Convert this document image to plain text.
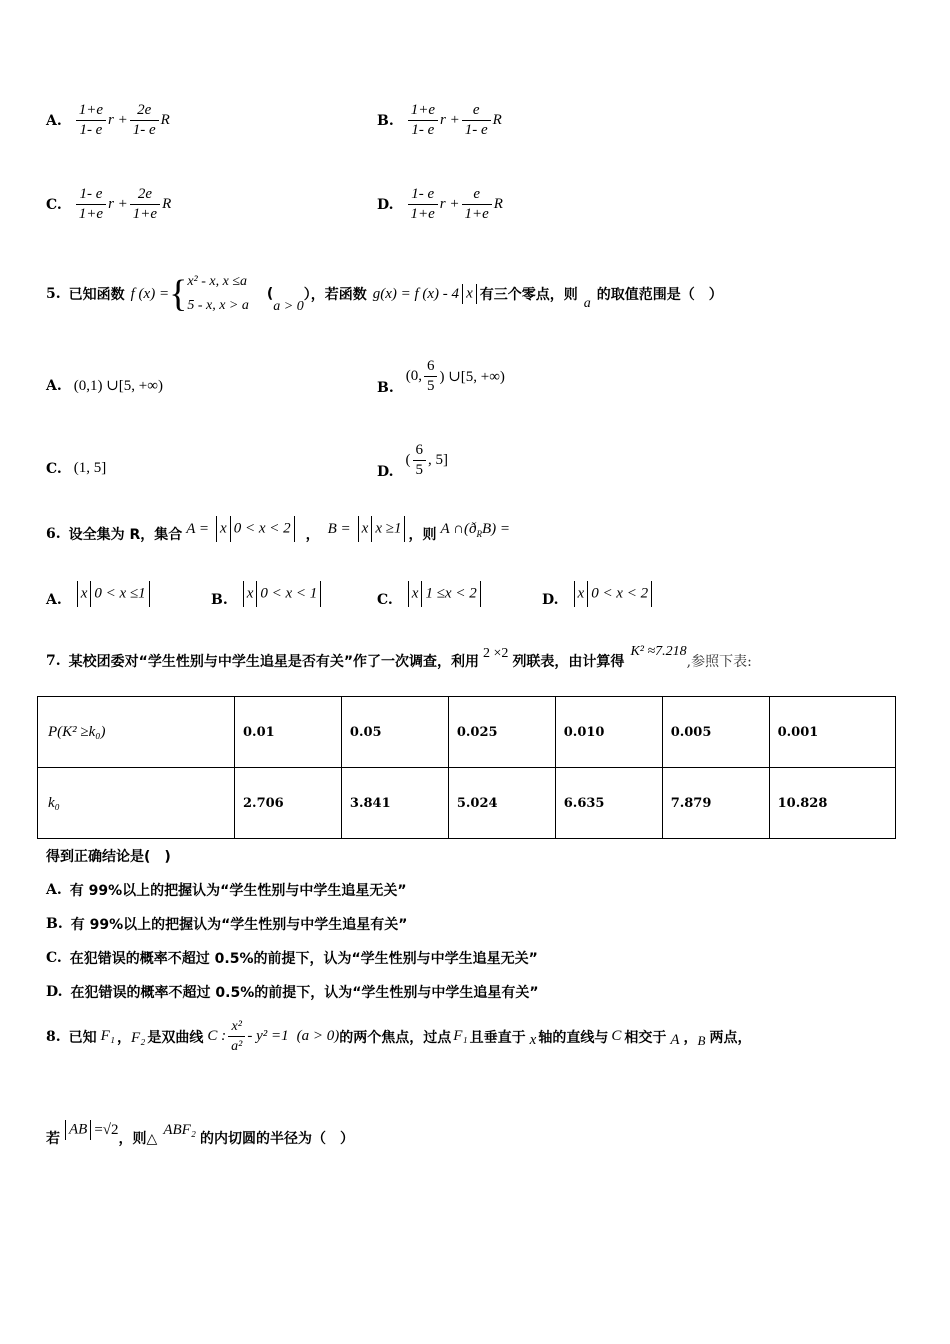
A. $\frac{1+e}{1- e}$ $r + \frac{2e}{1- e}$ R	B. $\frac{1+e}{1- e}$ $r + \frac{e}{1- e}$ R
C. $\frac{1- e}{1+e}$ $r + \frac{2e}{1+e}$ R	D. $\frac{1- e}{1+e}$ $r + \frac{e}{1+e}$ R
5. 已知函数 f (x) = { x² - x, x ≤a
5 - x, x > a
(
a > 0
），若函数 g(x) = f (x) - 4 x 有三个零点，则
a
的取值范围是（　）
A. (0,1) ∪[5, +∞)	B.
(0, $\frac{6}{5}$ ) ∪[5, +∞)
C. (1, 5]	D.
( $\frac{6}{5}$ , 5]
6. 设全集为 R，集合 A = x 0 < x < 2	， B = x x ≥1 ，则 A $\cap(ð_RB)$ =
A.	x 0 < x ≤1	B.	x 0 < x < 1	C.	x 1 ≤x < 2	D.	x 0 < x < 2
7. 某校团委对“学生性别与中学生追星是否有关”作了一次调查，利用
2 ×2
列联表，由计算得
K² ≈7.218
,参照下表:
P(K² ≥k₀)	0.01	0.05	0.025	0.010	0.005	0.001
k₀	2.706	3.841	5.024	6.635	7.879	10.828
得到正确结论是(　)
A. 有 99%以上的把握认为“学生性别与中学生追星无关”
B. 有 99%以上的把握认为“学生性别与中学生追星有关”
C. 在犯错误的概率不超过 0.5%的前提下，认为“学生性别与中学生追星无关”
D. 在犯错误的概率不超过 0.5%的前提下，认为“学生性别与中学生追星有关”
8. 已知 F₁ ， F₂ 是双曲线 C : $\frac{\text{x²}}{\text{a²}} - y^2 =1$ (a > 0) 的两个焦点，过点 F₁ 且垂直于 x 轴的直线与 C 相交于 A ， B 两点，
若
AB =√2
，则△
ABF₂
的内切圆的半径为（　）
